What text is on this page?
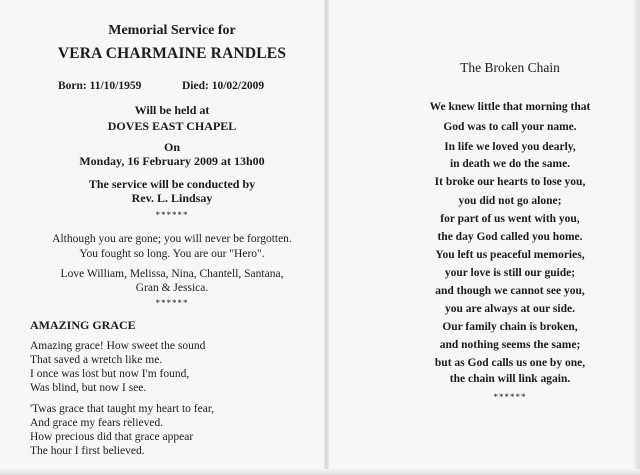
Memorial Service for

VERA CHARMAINE RANDLES

Born: 11/10/1959	Died: 10/02/2009

Will be held at

DOVES EAST CHAPEL

On

Monday, 16 February 2009 at 13h00

The service will be conducted by

Rev. L. Lindsay

******

Although you are gone; you will never be forgotten.

You fought so long. You are our "Hero".

Love William, Melissa, Nina, Chantell, Santana,

Gran & Jessica.

******

AMAZING GRACE

Amazing grace! How sweet the sound

That saved a wretch like me.

I once was lost but now I'm found,

Was blind, but now I see.

'Twas grace that taught my heart to fear,

And grace my fears relieved.

How precious did that grace appear

The hour I first believed.

The Broken Chain

We knew little that morning that

God was to call your name.

In life we loved you dearly,

in death we do the same.

It broke our hearts to lose you,

you did not go alone;

for part of us went with you,

the day God called you home.

You left us peaceful memories,

your love is still our guide;

and though we cannot see you,

you are always at our side.

Our family chain is broken,

and nothing seems the same;

but as God calls us one by one,

the chain will link again.

******
